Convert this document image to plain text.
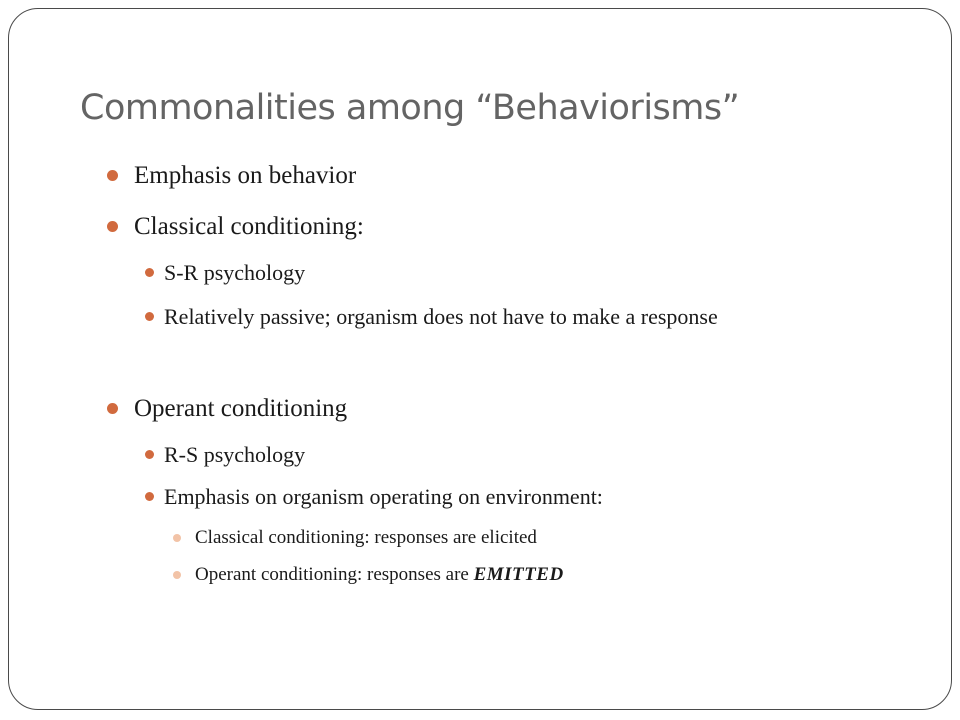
Commonalities among “Behaviorisms”
Emphasis on behavior
Classical conditioning:
S-R psychology
Relatively passive; organism does not have to make a response
Operant conditioning
R-S psychology
Emphasis on organism operating on environment:
Classical conditioning: responses are elicited
Operant conditioning: responses are EMITTED
